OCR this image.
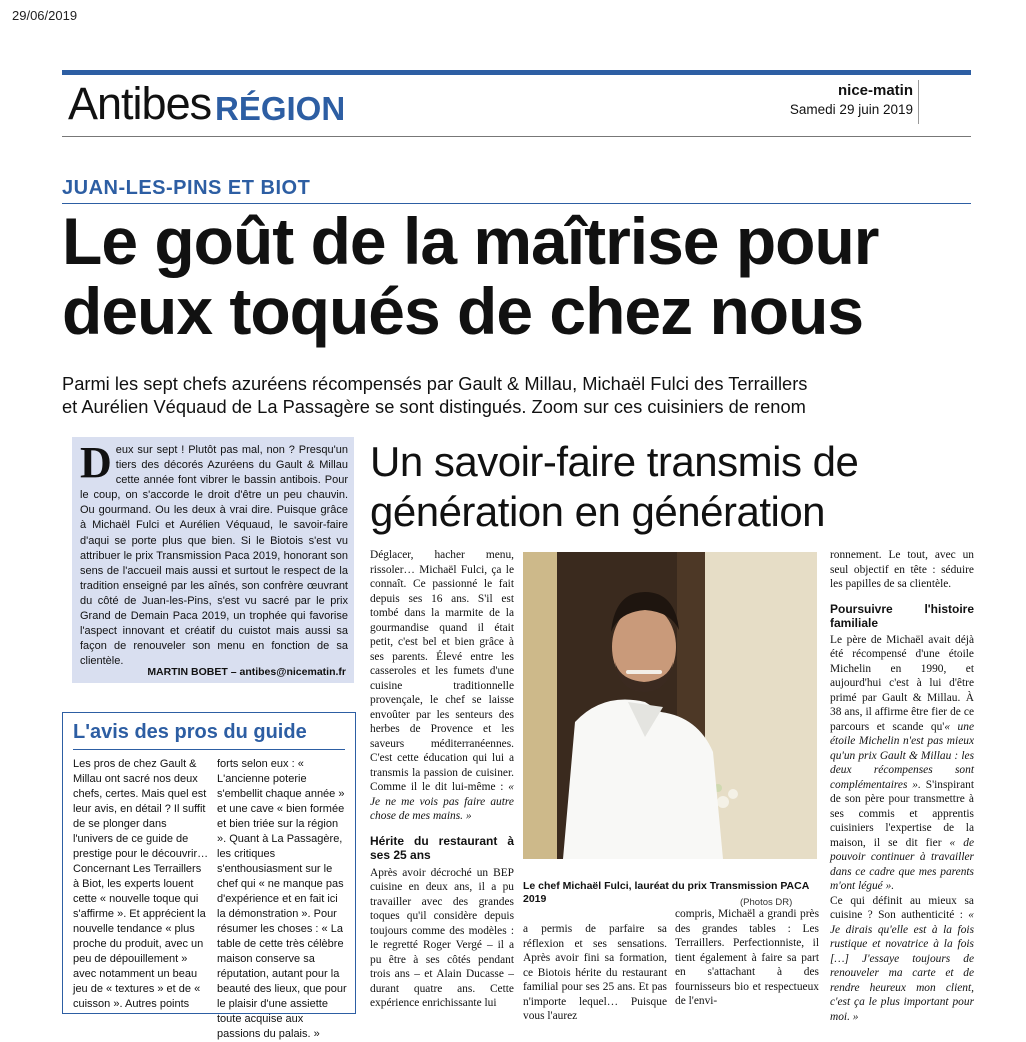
29/06/2019
Antibes RÉGION	nice-matin
Samedi 29 juin 2019
JUAN-LES-PINS ET BIOT
Le goût de la maîtrise pour
deux toqués de chez nous
Parmi les sept chefs azuréens récompensés par Gault & Millau, Michaël Fulci des Terraillers
et Aurélien Véquaud de La Passagère se sont distingués. Zoom sur ces cuisiniers de renom
Deux sur sept ! Plutôt pas mal, non ? Presqu'un tiers des décorés Azuréens du Gault & Millau cette année font vibrer le bassin antibois. Pour le coup, on s'accorde le droit d'être un peu chauvin. Ou gourmand. Ou les deux à vrai dire. Puisque grâce à Michaël Fulci et Aurélien Véquaud, le savoir-faire d'aqui se porte plus que bien. Si le Biotois s'est vu attribuer le prix Transmission Paca 2019, honorant son sens de l'accueil mais aussi et surtout le respect de la tradition enseigné par les aînés, son confrère œuvrant du côté de Juan-les-Pins, s'est vu sacré par le prix Grand de Demain Paca 2019, un trophée qui favorise l'aspect innovant et créatif du cuistot mais aussi sa façon de renouveler son menu en fonction de sa clientèle.
MARTIN BOBET – antibes@nicematin.fr
Un savoir-faire transmis de
génération en génération
Déglacer, hacher menu, rissoler… Michaël Fulci, ça le connaît. Ce passionné le fait depuis ses 16 ans. S'il est tombé dans la marmite de la gourmandise quand il était petit, c'est bel et bien grâce à ses parents. Élevé entre les casseroles et les fumets d'une cuisine traditionnelle provençale, le chef se laisse envoûter par les senteurs des herbes de Provence et les saveurs méditerranéennes. C'est cette éducation qui lui a transmis la passion de cuisiner. Comme il le dit lui-même : « Je ne me vois pas faire autre chose de mes mains. »
Hérite du restaurant à ses 25 ans
Après avoir décroché un BEP cuisine en deux ans, il a pu travailler avec des grandes toques qu'il considère depuis toujours comme des modèles : le regretté Roger Vergé – il a pu être à ses côtés pendant trois ans – et Alain Ducasse – durant quatre ans. Cette expérience enrichissante lui
Le chef Michaël Fulci, lauréat du prix Transmission PACA 2019	(Photos DR)
a permis de parfaire sa réflexion et ses sensations. Après avoir fini sa formation, ce Biotois hérite du restaurant familial pour ses 25 ans. Et pas n'importe lequel… Puisque vous l'aurez
compris, Michaël a grandi près des grandes tables : Les Terraillers. Perfectionniste, il tient également à faire sa part en s'attachant à des fournisseurs bio et respectueux de l'envi-
ronnement. Le tout, avec un seul objectif en tête : séduire les papilles de sa clientèle.
Poursuivre l'histoire familiale
Le père de Michaël avait déjà été récompensé d'une étoile Michelin en 1990, et aujourd'hui c'est à lui d'être primé par Gault & Millau. À 38 ans, il affirme être fier de ce parcours et scande qu'« une étoile Michelin n'est pas mieux qu'un prix Gault & Millau : les deux récompenses sont complémentaires ». S'inspirant de son père pour transmettre à ses commis et apprentis cuisiniers l'expertise de la maison, il se dit fier « de pouvoir continuer à travailler dans ce cadre que mes parents m'ont légué ».
Ce qui définit au mieux sa cuisine ? Son authenticité : « Je dirais qu'elle est à la fois rustique et novatrice à la fois […] J'essaye toujours de renouveler ma carte et de rendre heureux mon client, c'est ça le plus important pour moi. »
L'avis des pros du guide
Les pros de chez Gault & Millau ont sacré nos deux chefs, certes. Mais quel est leur avis, en détail ? Il suffit de se plonger dans l'univers de ce guide de prestige pour le découvrir… Concernant Les Terraillers à Biot, les experts louent cette « nouvelle toque qui s'affirme ». Et apprécient la nouvelle tendance « plus proche du produit, avec un peu de dépouillement » avec notamment un beau jeu de « textures » et de « cuisson ». Autres points
forts selon eux : « L'ancienne poterie s'embellit chaque année » et une cave « bien formée et bien triée sur la région ». Quant à La Passagère, les critiques s'enthousiasment sur le chef qui « ne manque pas d'expérience et en fait ici la démonstration ». Pour résumer les choses : « La table de cette très célèbre maison conserve sa réputation, autant pour la beauté des lieux, que pour le plaisir d'une assiette toute acquise aux passions du palais. »
